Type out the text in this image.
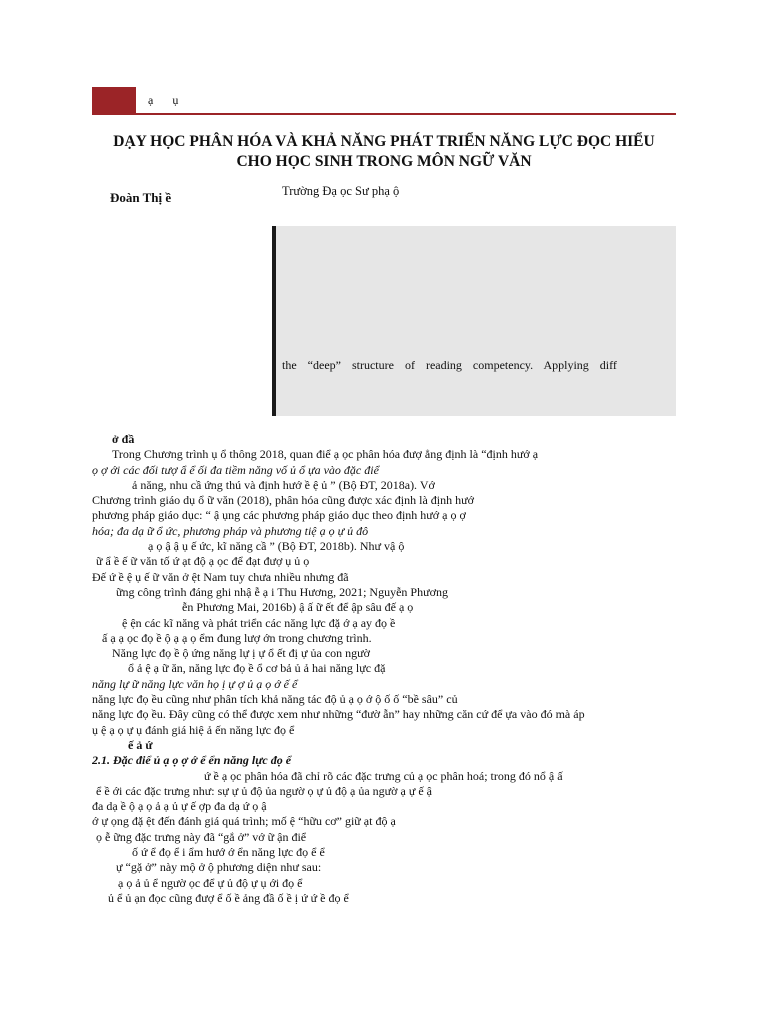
ạ ụ
DẠY HỌC PHÂN HÓA VÀ KHẢ NĂNG PHÁT TRIỂN NĂNG LỰC ĐỌC HIỂU
CHO HỌC SINH TRONG MÔN NGỮ VĂN
Đoàn Thị ề	Trường Đạ ọc Sư phạ ộ
the “deep” structure of reading competency. Applying diff
ở đầ
Trong Chương trình ụ ổ thông 2018, quan điể ạ ọc phân hóa đượ ẳng định là “định hướ ạ
ọ ợ ới các đối tượ ẩ ể ối đa tiềm năng vố ủ ổ ựa vào đặc điể
ả năng, nhu cầ ứng thú và định hướ ề ệ ủ ” (Bộ ĐT, 2018a). Vớ
Chương trình giáo dụ ổ ữ văn (2018), phân hóa cũng được xác định là định hướ
phương pháp giáo dục: “ ậ ụng các phương pháp giáo dục theo định hướ ạ ọ ợ
hóa; đa dạ ữ ổ ức, phương pháp và phương tiệ ạ ọ ự ủ đô
ạ ọ ậ ậ ụ ế ức, kĩ năng cầ ” (Bộ ĐT, 2018b). Như vậ ộ
ữ ẩ ề ế ữ văn tố ứ ạt độ ạ ọc để đạt đượ ụ ủ ọ
Đế ứ ề ệ ụ ế ữ văn ở ệt Nam tuy chưa nhiều nhưng đã
ững công trình đáng ghi nhậ ễ ạ i Thu Hương, 2021; Nguyễn Phương
ễn Phương Mai, 2016b) ậ ấ ữ ết để ập sâu đế ạ ọ
ệ ện các kĩ năng và phát triển các năng lực đặ ớ ạ ay đọ ề
ấ ạ ạ ọc đọ ề ộ ạ ạ ọ ểm đung lượ ớn trong chương trình.
Năng lực đọ ề ộ ứng năng lự ị ự ổ ết đị ự ủa con ngườ
ổ ả ệ ạ ữ ăn, năng lực đọ ề ổ cơ bả ủ ả hai năng lực đặ
năng lự ữ năng lực văn họ ị ự ợ ủ ạ ọ ớ ế ể
năng lực đọ ều cũng như phân tích khả năng tác độ ủ ạ ọ ớ ộ ố ố “bề sâu” củ
năng lực đọ ều. Đây cũng có thể được xem như những “đườ ẫn” hay những căn cứ để ựa vào đó mà áp
ụ ệ ạ ọ ự ụ đánh giá hiệ ả ến năng lực đọ ể
ế ả ứ
2.1. Đặc điể ủ ạ ọ ợ ớ ể ển năng lực đọ ể
ứ ề ạ ọc phân hóa đã chỉ rõ các đặc trưng củ ạ ọc phân hoá; trong đó nổ ậ ấ
ể ề ới các đặc trưng như: sự ự ủ độ ủa ngườ ọ ự ủ độ ạ ủa ngườ ạ ự ế ậ
đa dạ ề ộ ạ ọ ả ạ ủ ự ế ợp đa dạ ứ ọ ậ
ớ ự ọng đặ ệt đến đánh giá quá trình; mố ệ “hữu cơ” giữ ạt độ ạ
ọ ễ ững đặc trưng này đã “gắ ở” vớ ữ ận điể
ố ứ ể đọ ể i ẩm hướ ớ ển năng lực đọ ể ể
ự “gặ ở” này mộ ở ộ phương diện như sau:
ạ ọ ả ủ ể ngườ ọc để ự ủ độ ự ụ ới đọ ể
ủ ể ủ ạn đọc cũng đượ ể ố ề ảng đầ ố ề ị ứ ứ ề đọ ể
